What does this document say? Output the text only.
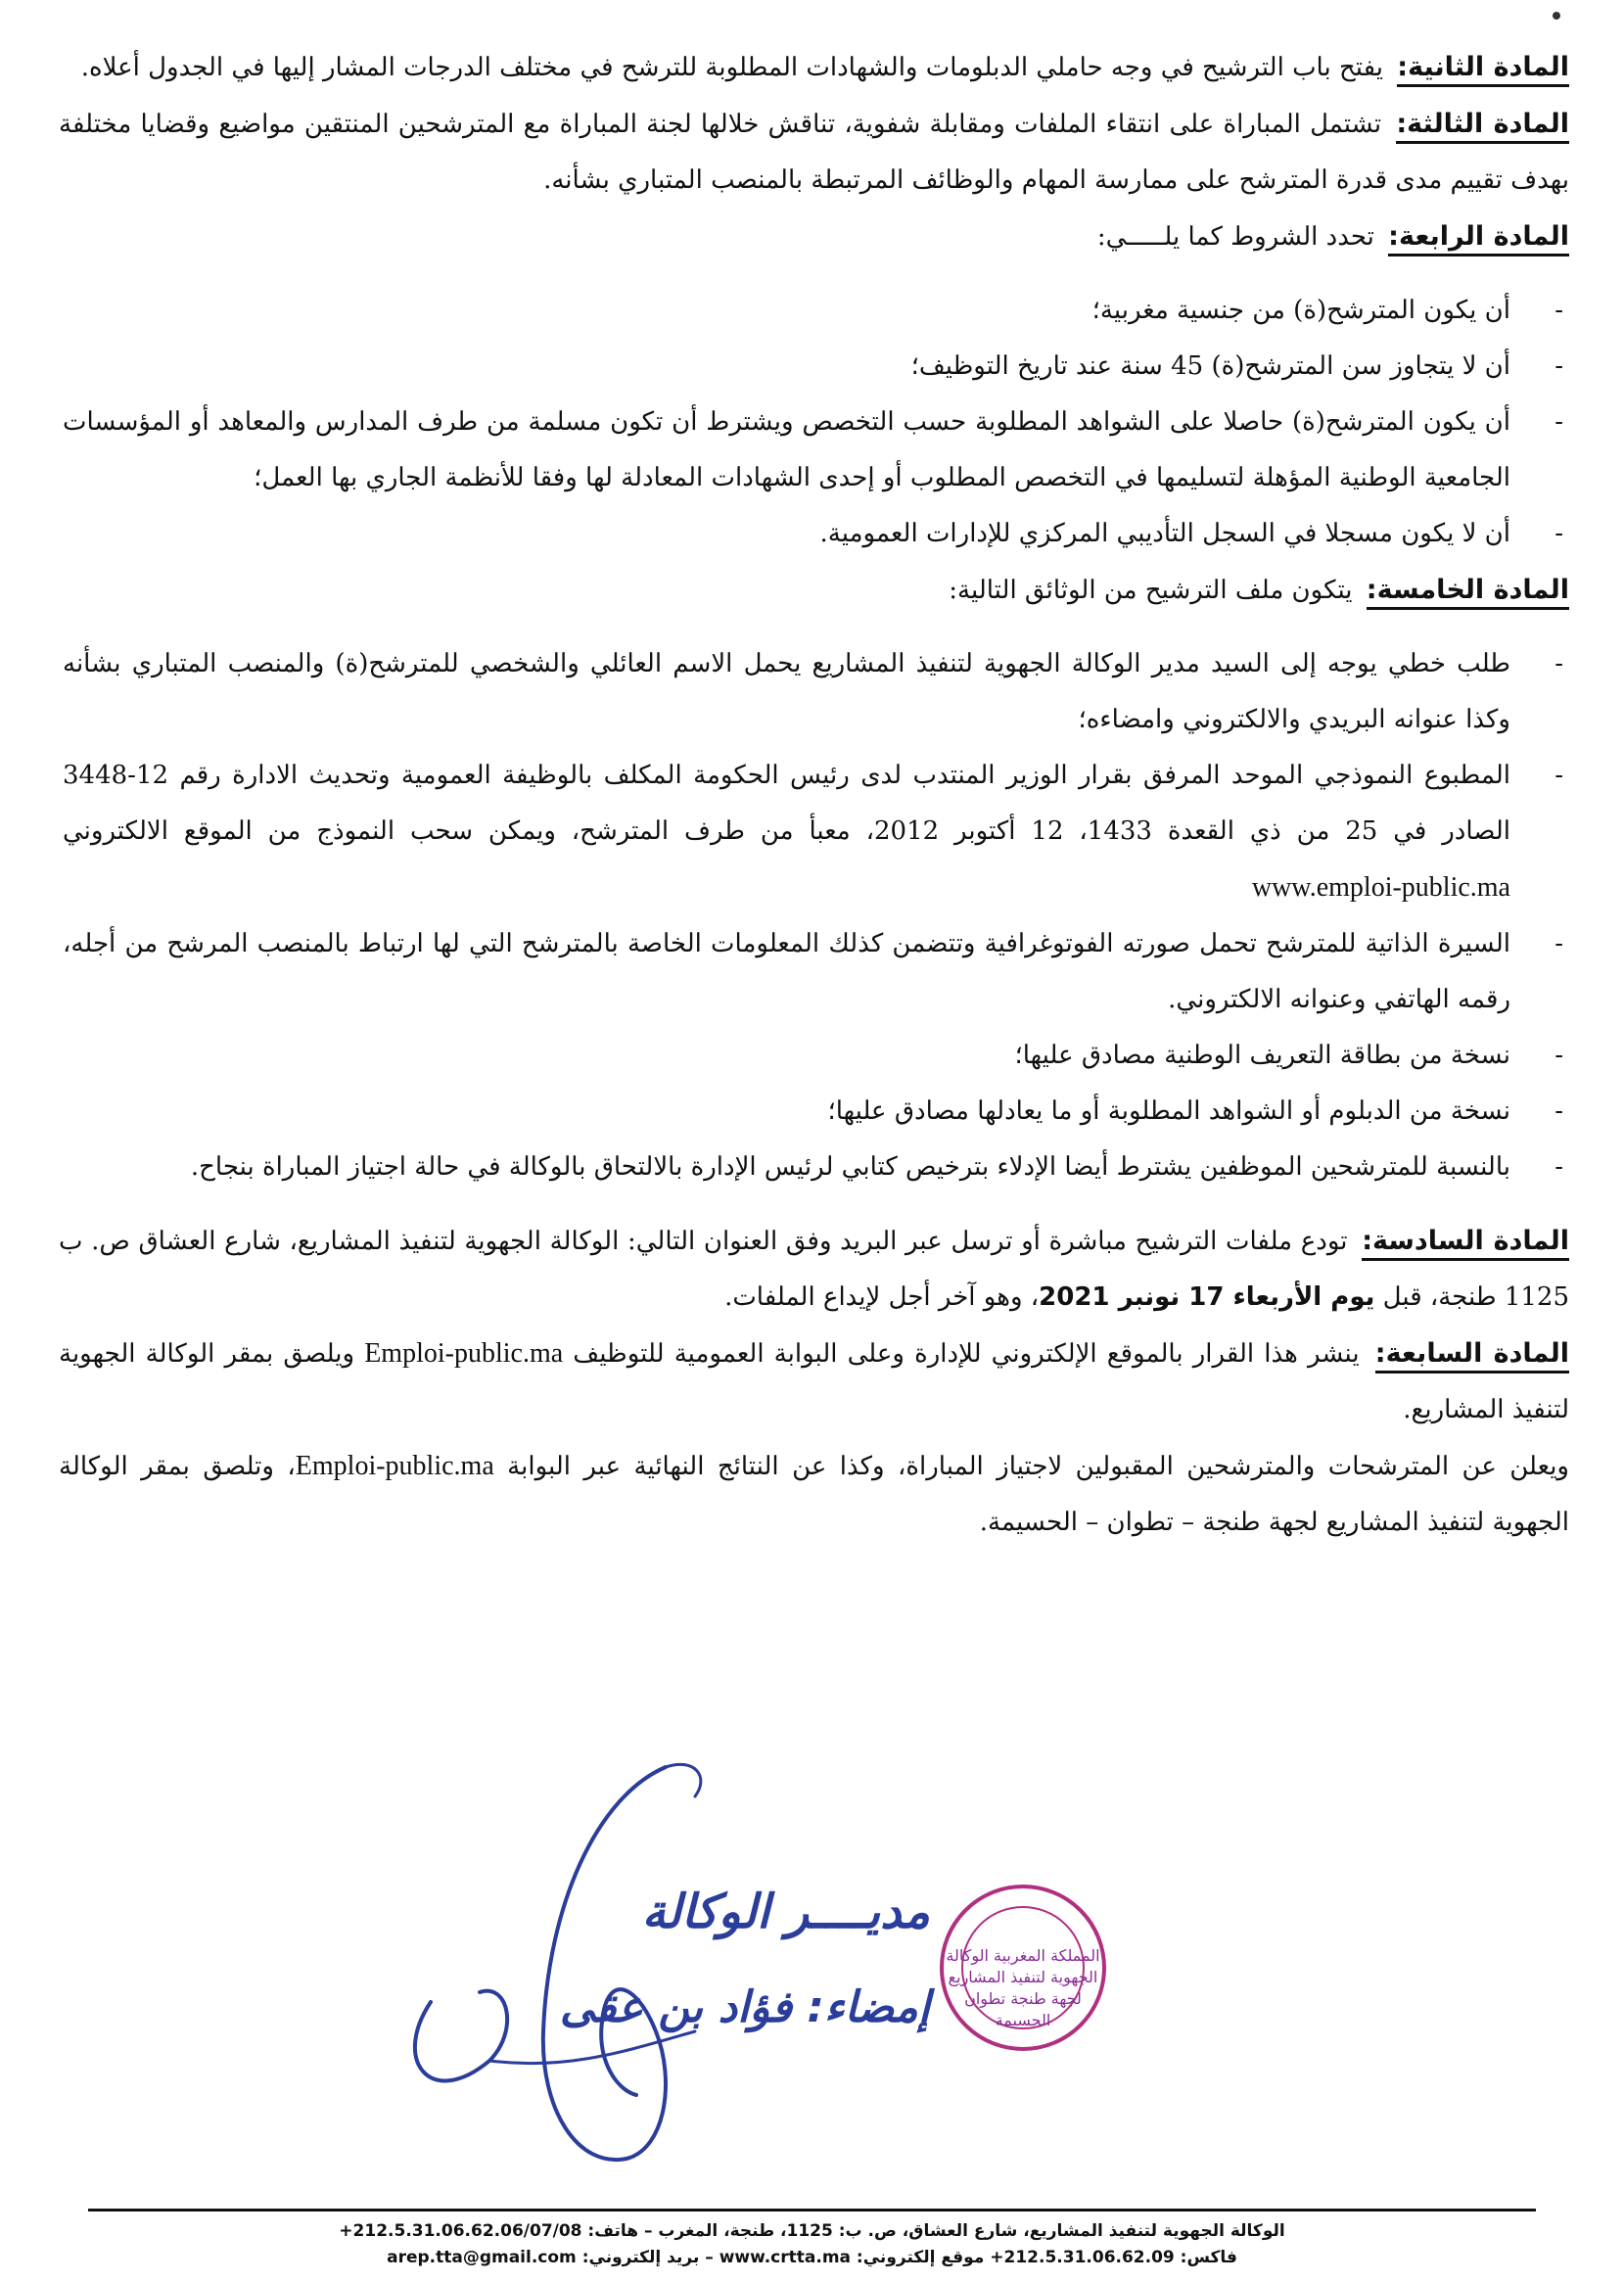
المادة الثانية : يفتح باب الترشيح في وجه حاملي الدبلومات والشهادات المطلوبة للترشح في مختلف الدرجات المشار إليها في الجدول أعلاه.

المادة الثالثة : تشتمل المباراة على انتقاء الملفات ومقابلة شفوية، تناقش خلالها لجنة المباراة مع المترشحين المنتقين مواضيع وقضايا مختلفة بهدف تقييم مدى قدرة المترشح على ممارسة المهام والوظائف المرتبطة بالمنصب المتباري بشأنه.

المادة الرابعة : تحدد الشروط كما يلـــــي:

- أن يكون المترشح(ة) من جنسية مغربية؛
- أن لا يتجاوز سن المترشح(ة) 45 سنة عند تاريخ التوظيف؛
- أن يكون المترشح(ة) حاصلا على الشواهد المطلوبة حسب التخصص ويشترط أن تكون مسلمة من طرف المدارس والمعاهد أو المؤسسات الجامعية الوطنية المؤهلة لتسليمها في التخصص المطلوب أو إحدى الشهادات المعادلة لها وفقا للأنظمة الجاري بها العمل؛
- أن لا يكون مسجلا في السجل التأديبي المركزي للإدارات العمومية.

المادة الخامسة : يتكون ملف الترشيح من الوثائق التالية:

- طلب خطي يوجه إلى السيد مدير الوكالة الجهوية لتنفيذ المشاريع يحمل الاسم العائلي والشخصي للمترشح(ة) والمنصب المتباري بشأنه وكذا عنوانه البريدي والالكتروني وامضاءه؛
- المطبوع النموذجي الموحد المرفق بقرار الوزير المنتدب لدى رئيس الحكومة المكلف بالوظيفة العمومية وتحديث الادارة رقم 12-3448 الصادر في 25 من ذي القعدة 1433، 12 أكتوبر 2012، معبأ من طرف المترشح، ويمكن سحب النموذج من الموقع الالكتروني www.emploi-public.ma
- السيرة الذاتية للمترشح تحمل صورته الفوتوغرافية وتتضمن كذلك المعلومات الخاصة بالمترشح التي لها ارتباط بالمنصب المرشح من أجله، رقمه الهاتفي وعنوانه الالكتروني.
- نسخة من بطاقة التعريف الوطنية مصادق عليها؛
- نسخة من الدبلوم أو الشواهد المطلوبة أو ما يعادلها مصادق عليها؛
- بالنسبة للمترشحين الموظفين يشترط أيضا الإدلاء بترخيص كتابي لرئيس الإدارة بالالتحاق بالوكالة في حالة اجتياز المباراة بنجاح.

المادة السادسة : تودع ملفات الترشيح مباشرة أو ترسل عبر البريد وفق العنوان التالي: الوكالة الجهوية لتنفيذ المشاريع، شارع العشاق ص. ب 1125 طنجة، قبل يوم الأربعاء 17 نونبر 2021، وهو آخر أجل لإيداع الملفات.

المادة السابعة : ينشر هذا القرار بالموقع الإلكتروني للإدارة وعلى البوابة العمومية للتوظيف Emploi-public.ma ويلصق بمقر الوكالة الجهوية لتنفيذ المشاريع.

ويعلن عن المترشحات والمترشحين المقبولين لاجتياز المباراة، وكذا عن النتائج النهائية عبر البوابة Emploi-public.ma، وتلصق بمقر الوكالة الجهوية لتنفيذ المشاريع لجهة طنجة – تطوان – الحسيمة.

مديــــر الوكالة
إمضاء: فؤاد بن عقى
المملكة المغربية الوكالة الجهوية لتنفيذ المشاريع لجهة طنجة تطوان الحسيمة
الوكالة الجهوية لتنفيذ المشاريع، شارع العشاق، ص. ب: 1125، طنجة، المغرب – هاتف: 212.5.31.06.62.06/07/08+
فاكس: 212.5.31.06.62.09+ موقع إلكتروني: www.crtta.ma – بريد إلكتروني: arep.tta@gmail.com
